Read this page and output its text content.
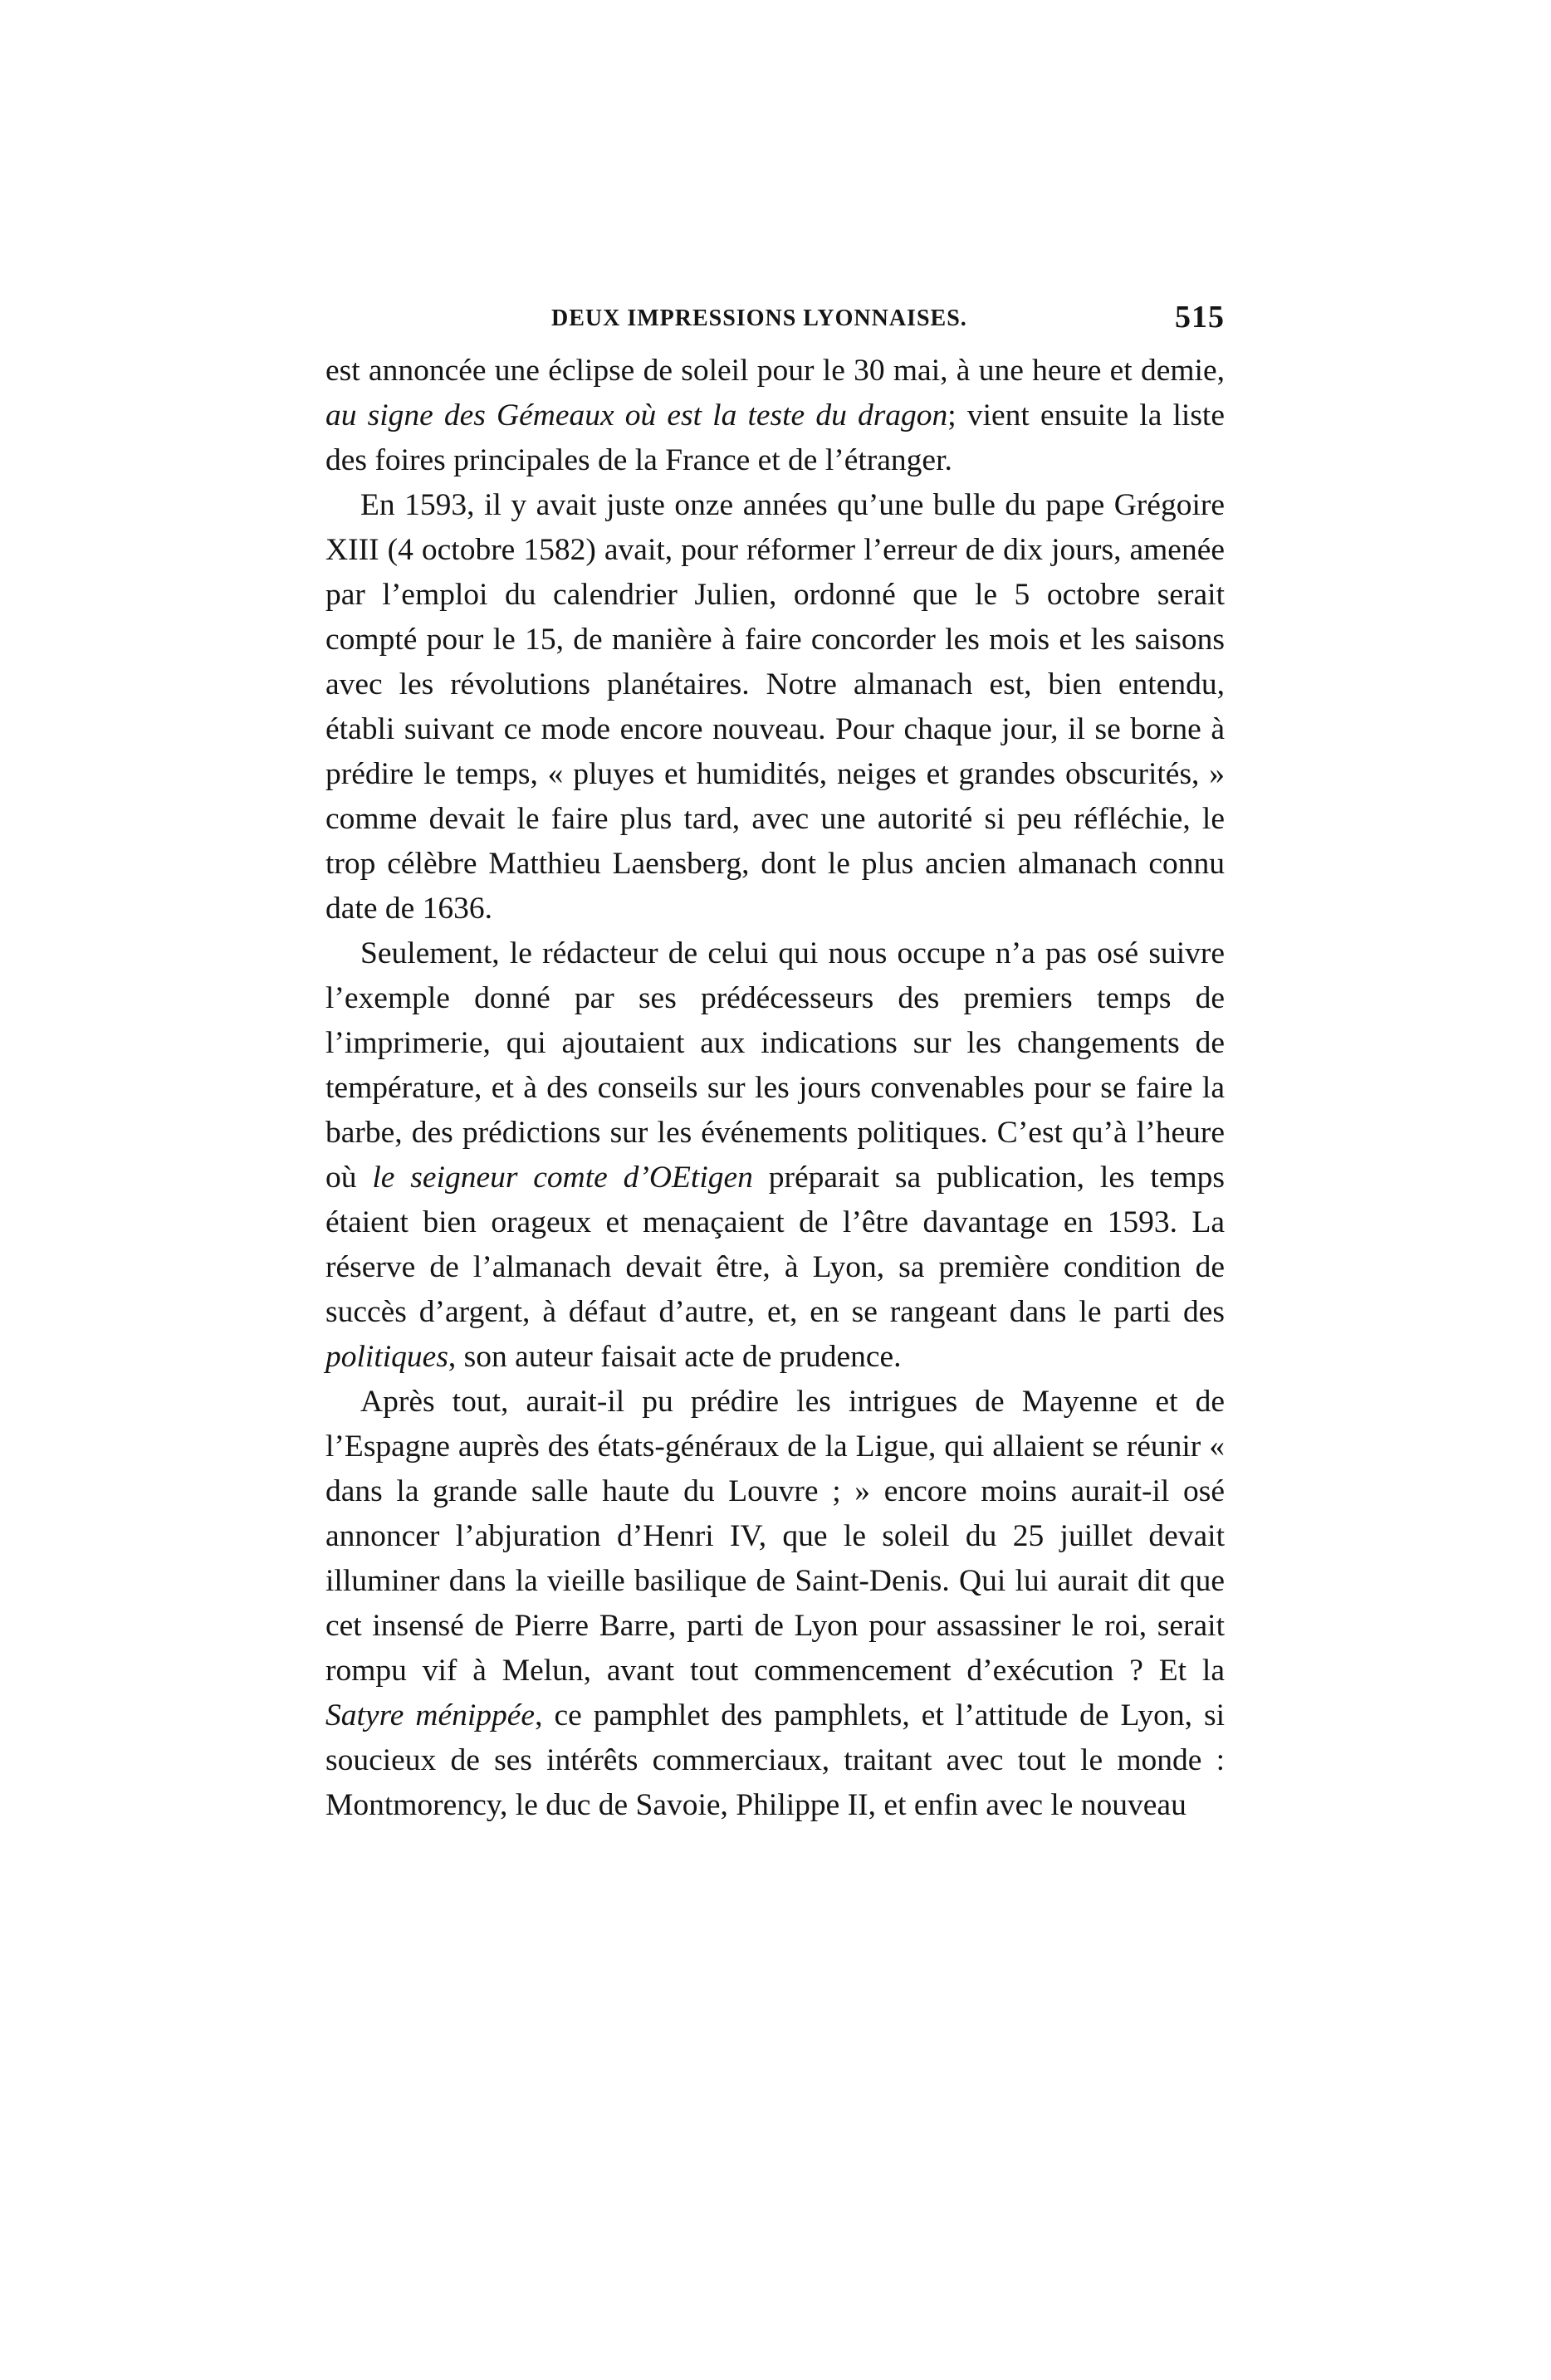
DEUX IMPRESSIONS LYONNAISES.	515

est annoncée une éclipse de soleil pour le 30 mai, à une heure et demie, au signe des Gémeaux où est la teste du dragon; vient ensuite la liste des foires principales de la France et de l’étranger.

En 1593, il y avait juste onze années qu’une bulle du pape Grégoire XIII (4 octobre 1582) avait, pour réformer l’erreur de dix jours, amenée par l’emploi du calendrier Julien, ordonné que le 5 octobre serait compté pour le 15, de manière à faire concorder les mois et les saisons avec les révolutions planétaires. Notre almanach est, bien entendu, établi suivant ce mode encore nouveau. Pour chaque jour, il se borne à prédire le temps, « pluyes et humidités, neiges et grandes obscurités, » comme devait le faire plus tard, avec une autorité si peu réfléchie, le trop célèbre Matthieu Laensberg, dont le plus ancien almanach connu date de 1636.

Seulement, le rédacteur de celui qui nous occupe n’a pas osé suivre l’exemple donné par ses prédécesseurs des premiers temps de l’imprimerie, qui ajoutaient aux indications sur les changements de température, et à des conseils sur les jours convenables pour se faire la barbe, des prédictions sur les événements politiques. C’est qu’à l’heure où le seigneur comte d’OEtigen préparait sa publication, les temps étaient bien orageux et menaçaient de l’être davantage en 1593. La réserve de l’almanach devait être, à Lyon, sa première condition de succès d’argent, à défaut d’autre, et, en se rangeant dans le parti des politiques, son auteur faisait acte de prudence.

Après tout, aurait-il pu prédire les intrigues de Mayenne et de l’Espagne auprès des états-généraux de la Ligue, qui allaient se réunir « dans la grande salle haute du Louvre ; » encore moins aurait-il osé annoncer l’abjuration d’Henri IV, que le soleil du 25 juillet devait illuminer dans la vieille basilique de Saint-Denis. Qui lui aurait dit que cet insensé de Pierre Barre, parti de Lyon pour assassiner le roi, serait rompu vif à Melun, avant tout commencement d’exécution ? Et la Satyre ménippée, ce pamphlet des pamphlets, et l’attitude de Lyon, si soucieux de ses intérêts commerciaux, traitant avec tout le monde : Montmorency, le duc de Savoie, Philippe II, et enfin avec le nouveau
